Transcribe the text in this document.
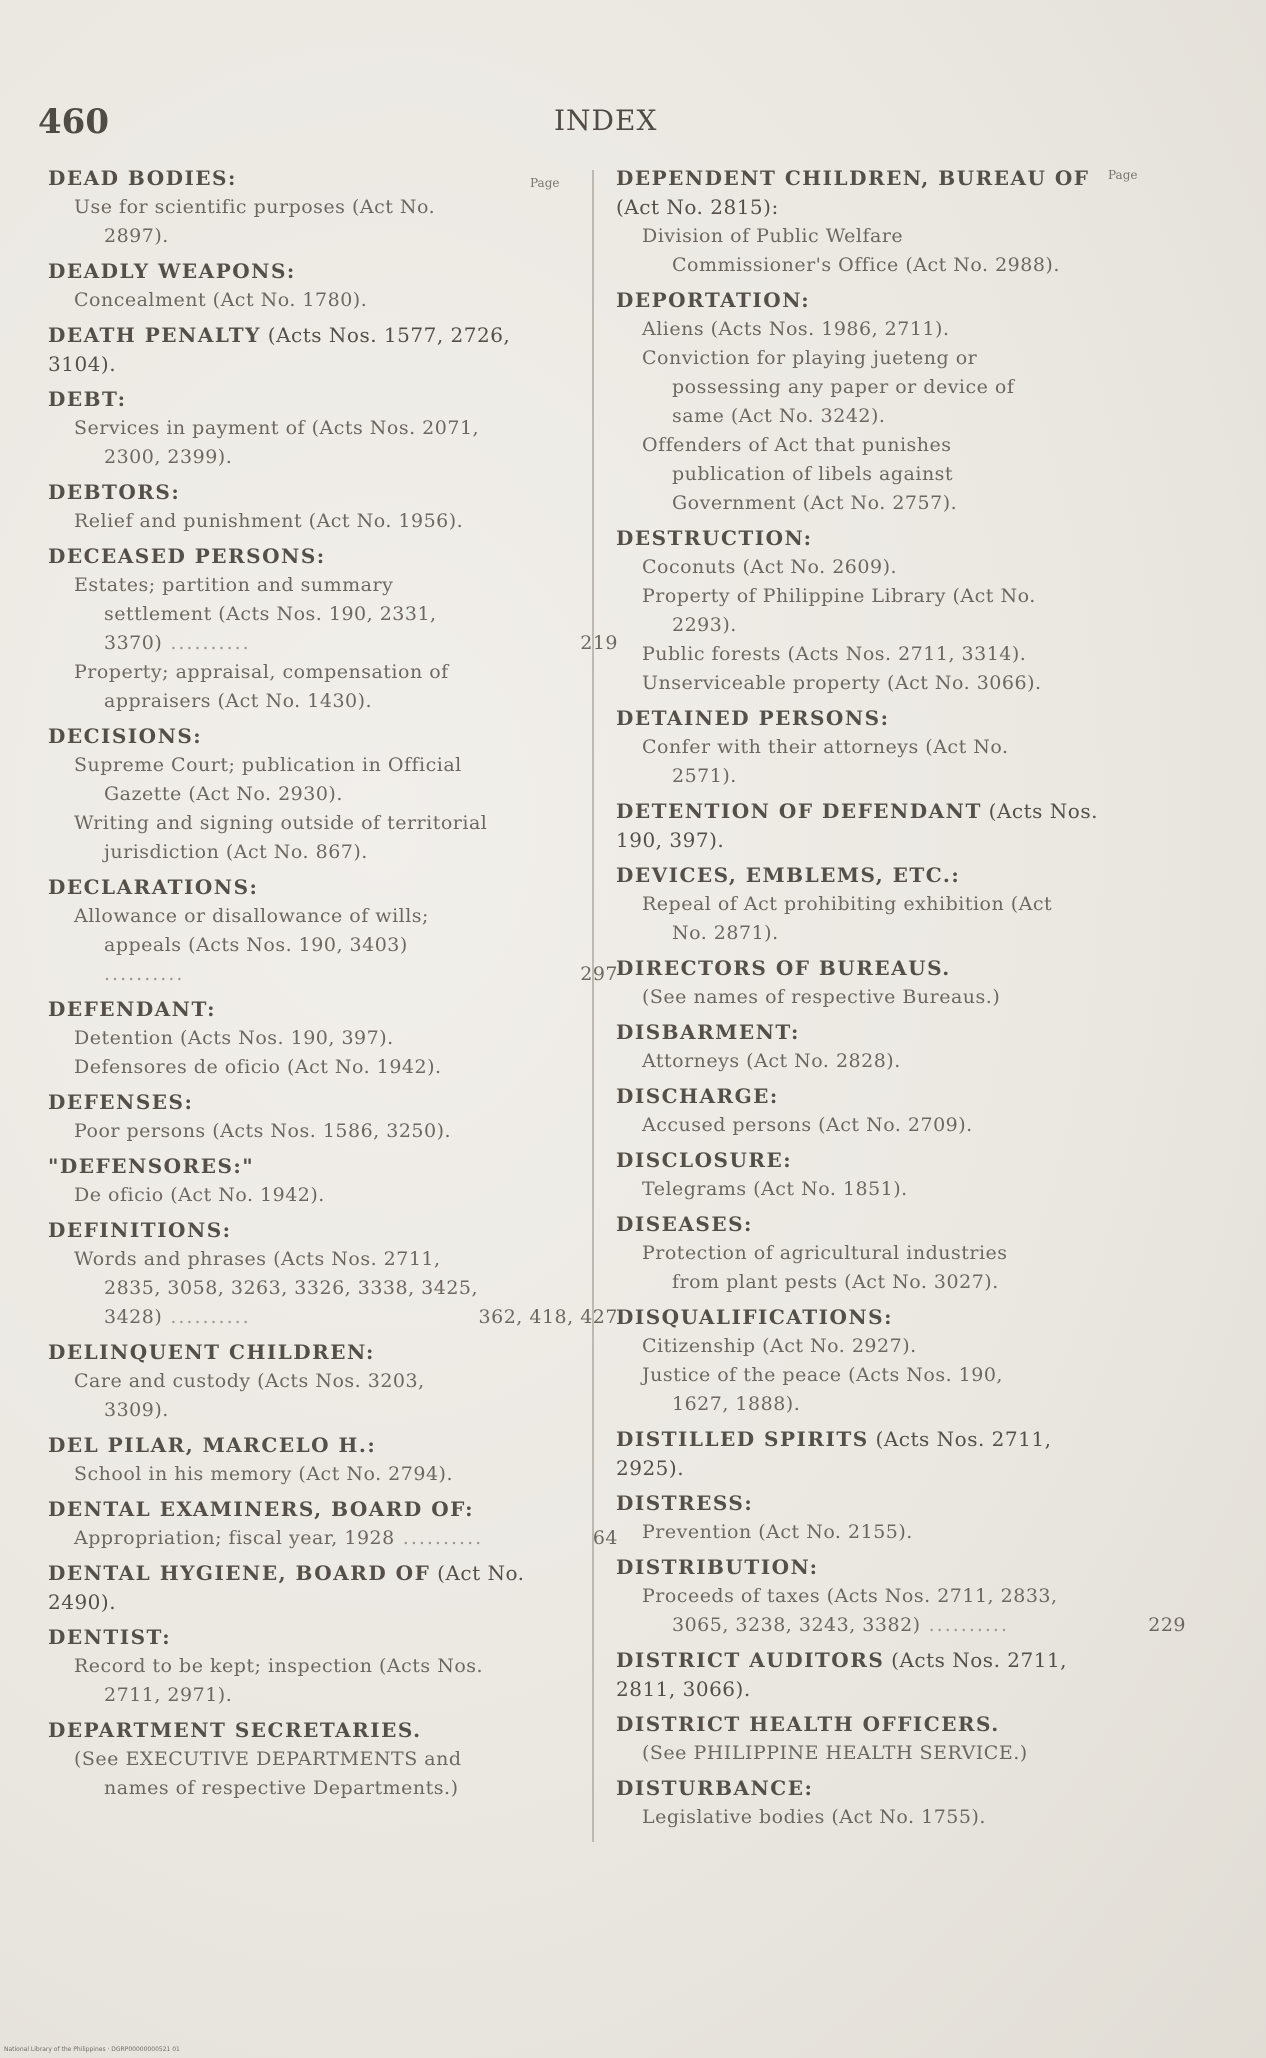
460	INDEX
Page
Page
DEAD BODIES:
Use for scientific purposes (Act No. 2897).
DEADLY WEAPONS:
Concealment (Act No. 1780).
DEATH PENALTY (Acts Nos. 1577, 2726, 3104).
DEBT:
Services in payment of (Acts Nos. 2071, 2300, 2399).
DEBTORS:
Relief and punishment (Act No. 1956).
DECEASED PERSONS:
Estates; partition and summary settlement (Acts Nos. 190, 2331, 3370) ..........	219
Property; appraisal, compensation of appraisers (Act No. 1430).
DECISIONS:
Supreme Court; publication in Official Gazette (Act No. 2930).
Writing and signing outside of territorial jurisdiction (Act No. 867).
DECLARATIONS:
Allowance or disallowance of wills; appeals (Acts Nos. 190, 3403) ..........	297
DEFENDANT:
Detention (Acts Nos. 190, 397).
Defensores de oficio (Act No. 1942).
DEFENSES:
Poor persons (Acts Nos. 1586, 3250).
"DEFENSORES:"
De oficio (Act No. 1942).
DEFINITIONS:
Words and phrases (Acts Nos. 2711, 2835, 3058, 3263, 3326, 3338, 3425, 3428) ..........	362, 418, 427
DELINQUENT CHILDREN:
Care and custody (Acts Nos. 3203, 3309).
DEL PILAR, MARCELO H.:
School in his memory (Act No. 2794).
DENTAL EXAMINERS, BOARD OF:
Appropriation; fiscal year, 1928 ..........	64
DENTAL HYGIENE, BOARD OF (Act No. 2490).
DENTIST:
Record to be kept; inspection (Acts Nos. 2711, 2971).
DEPARTMENT SECRETARIES.
(See EXECUTIVE DEPARTMENTS and names of respective Departments.)
DEPENDENT CHILDREN, BUREAU OF (Act No. 2815):
Division of Public Welfare Commissioner's Office (Act No. 2988).
DEPORTATION:
Aliens (Acts Nos. 1986, 2711).
Conviction for playing jueteng or possessing any paper or device of same (Act No. 3242).
Offenders of Act that punishes publication of libels against Government (Act No. 2757).
DESTRUCTION:
Coconuts (Act No. 2609).
Property of Philippine Library (Act No. 2293).
Public forests (Acts Nos. 2711, 3314).
Unserviceable property (Act No. 3066).
DETAINED PERSONS:
Confer with their attorneys (Act No. 2571).
DETENTION OF DEFENDANT (Acts Nos. 190, 397).
DEVICES, EMBLEMS, ETC.:
Repeal of Act prohibiting exhibition (Act No. 2871).
DIRECTORS OF BUREAUS.
(See names of respective Bureaus.)
DISBARMENT:
Attorneys (Act No. 2828).
DISCHARGE:
Accused persons (Act No. 2709).
DISCLOSURE:
Telegrams (Act No. 1851).
DISEASES:
Protection of agricultural industries from plant pests (Act No. 3027).
DISQUALIFICATIONS:
Citizenship (Act No. 2927).
Justice of the peace (Acts Nos. 190, 1627, 1888).
DISTILLED SPIRITS (Acts Nos. 2711, 2925).
DISTRESS:
Prevention (Act No. 2155).
DISTRIBUTION:
Proceeds of taxes (Acts Nos. 2711, 2833, 3065, 3238, 3243, 3382) ..........	229
DISTRICT AUDITORS (Acts Nos. 2711, 2811, 3066).
DISTRICT HEALTH OFFICERS.
(See PHILIPPINE HEALTH SERVICE.)
DISTURBANCE:
Legislative bodies (Act No. 1755).
National Library of the Philippines · DGRP00000000521 01
